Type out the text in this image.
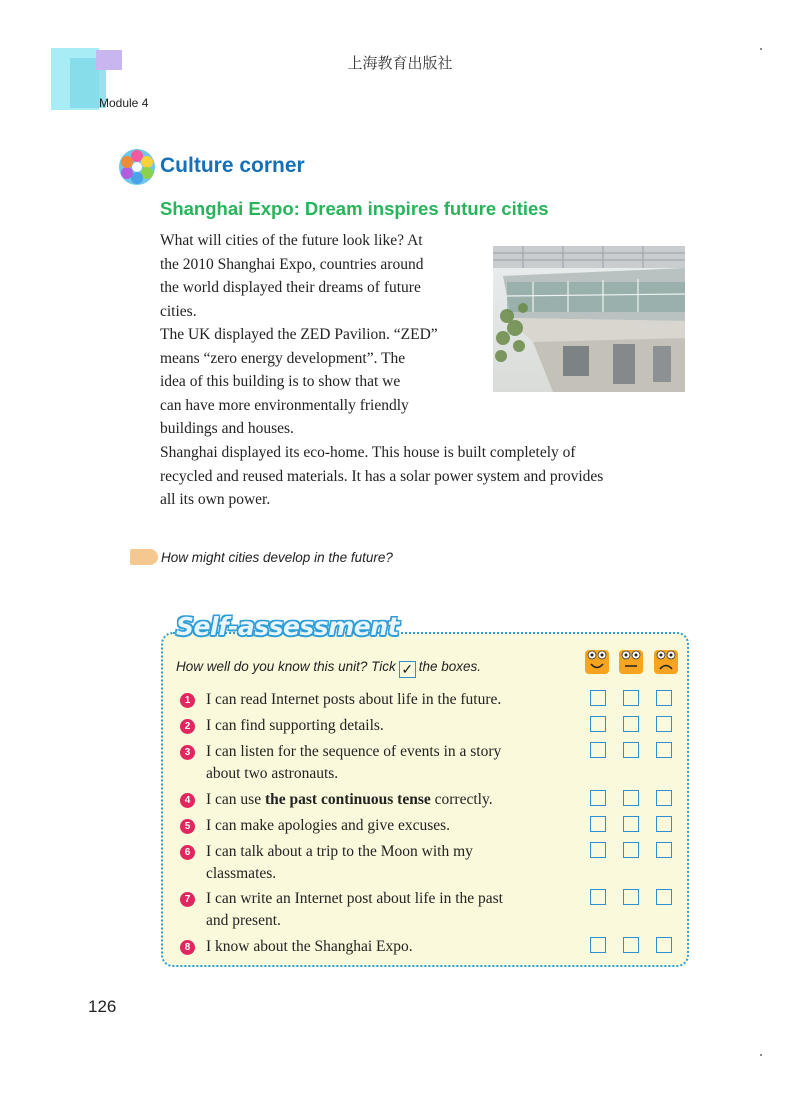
上海教育出版社
Module 4
Culture corner
Shanghai Expo: Dream inspires future cities
What will cities of the future look like? At
the 2010 Shanghai Expo, countries around
the world displayed their dreams of future
cities.
The UK displayed the ZED Pavilion. “ZED”
means “zero energy development”. The
idea of this building is to show that we
can have more environmentally friendly
buildings and houses.
Shanghai displayed its eco-home. This house is built completely of
recycled and reused materials. It has a solar power system and provides
all its own power.
How might cities develop in the future?
Self-assessment
How well do you know this unit? Tick ✓ the boxes.
1	I can read Internet posts about life in the future.
2	I can find supporting details.
3	I can listen for the sequence of events in a story
about two astronauts.
4	I can use the past continuous tense correctly.
5	I can make apologies and give excuses.
6	I can talk about a trip to the Moon with my
classmates.
7	I can write an Internet post about life in the past
and present.
8	I know about the Shanghai Expo.
126
